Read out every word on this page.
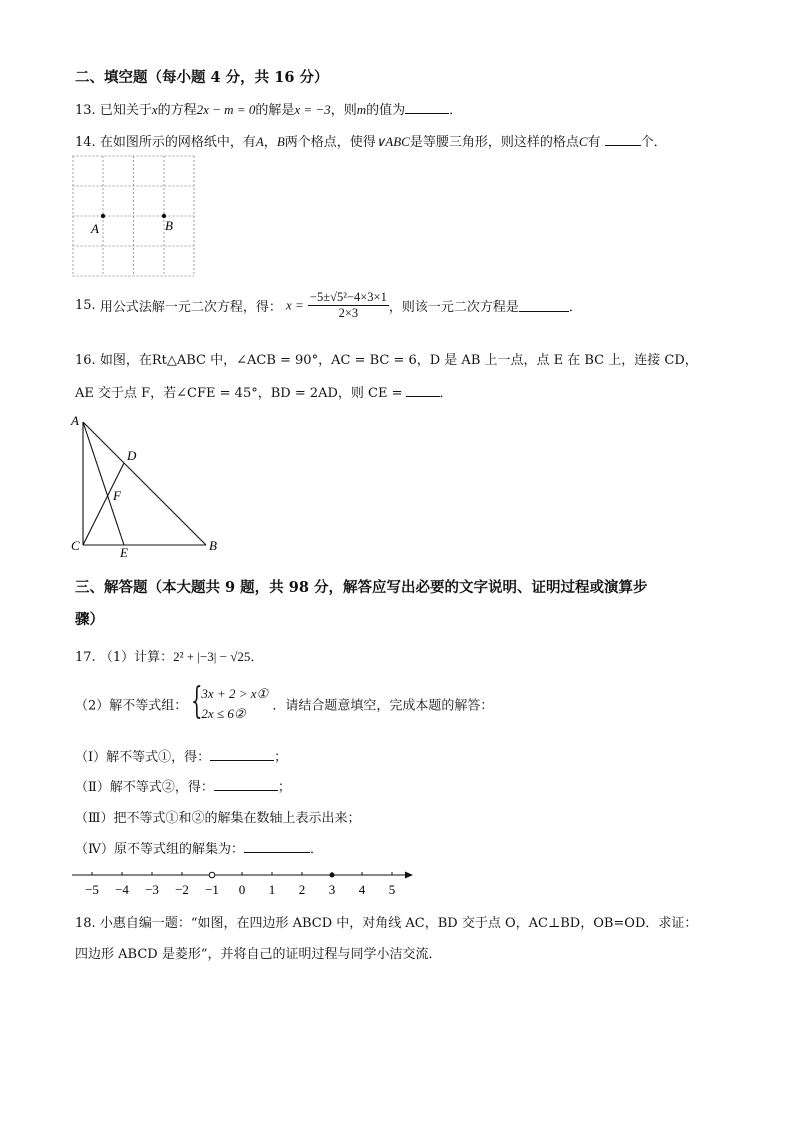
二、填空题（每小题 4 分，共 16 分）
13. 已知关于x的方程2x − m = 0的解是x = −3，则m的值为	．
14. 在如图所示的网格纸中，有A，B两个格点，使得∨ABC是等腰三角形，则这样的格点C有	个．
A	B
15. 用公式法解一元二次方程，得： $x = \frac{\text{−5±√5²−4×3×1}}{2\times 3}$ ，则该一元二次方程是	．
16. 如图，在Rt△ABC 中，∠ACB = 90°，AC = BC = 6，D 是 AB 上一点，点 E 在 BC 上，连接 CD，
AE 交于点 F，若∠CFE = 45°，BD = 2AD，则 CE =	．
A
B
C
D
E
F
三、解答题（本大题共 9 题，共 98 分，解答应写出必要的文字说明、证明过程或演算步
骤）
17. （1）计算：2² + |−3| − √25．
（2）解不等式组： {
3x + 2 > x①
2x ≤ 6②	．请结合题意填空，完成本题的解答：
（Ⅰ）解不等式①，得：	；
（Ⅱ）解不等式②，得：	；
（Ⅲ）把不等式①和②的解集在数轴上表示出来；
（Ⅳ）原不等式组的解集为：	．
−5 −4 −3 −2 −1 0 1 2 3 4 5
18. 小惠自编一题：“如图，在四边形 ABCD 中，对角线 AC，BD 交于点 O，AC⊥BD，OB=OD．求证：
四边形 ABCD 是菱形”，并将自己的证明过程与同学小洁交流．
